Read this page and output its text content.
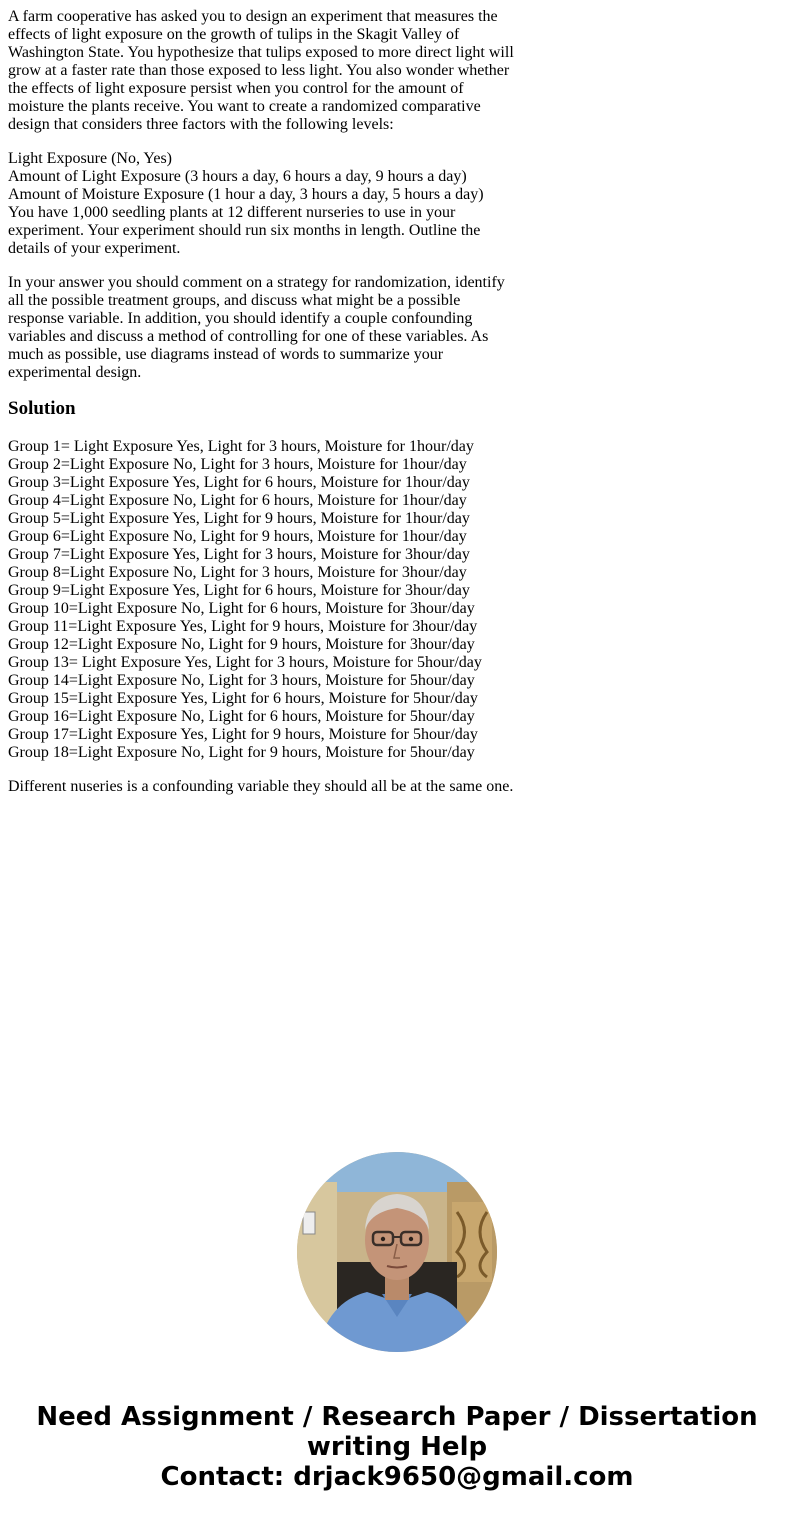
A farm cooperative has asked you to design an experiment that measures the
effects of light exposure on the growth of tulips in the Skagit Valley of
Washington State. You hypothesize that tulips exposed to more direct light will
grow at a faster rate than those exposed to less light. You also wonder whether
the effects of light exposure persist when you control for the amount of
moisture the plants receive. You want to create a randomized comparative
design that considers three factors with the following levels:

Light Exposure (No, Yes)
Amount of Light Exposure (3 hours a day, 6 hours a day, 9 hours a day)
Amount of Moisture Exposure (1 hour a day, 3 hours a day, 5 hours a day)
You have 1,000 seedling plants at 12 different nurseries to use in your
experiment. Your experiment should run six months in length. Outline the
details of your experiment.

In your answer you should comment on a strategy for randomization, identify
all the possible treatment groups, and discuss what might be a possible
response variable. In addition, you should identify a couple confounding
variables and discuss a method of controlling for one of these variables. As
much as possible, use diagrams instead of words to summarize your
experimental design.

Solution

Group 1= Light Exposure Yes, Light for 3 hours, Moisture for 1hour/day
Group 2=Light Exposure No, Light for 3 hours, Moisture for 1hour/day
Group 3=Light Exposure Yes, Light for 6 hours, Moisture for 1hour/day
Group 4=Light Exposure No, Light for 6 hours, Moisture for 1hour/day
Group 5=Light Exposure Yes, Light for 9 hours, Moisture for 1hour/day
Group 6=Light Exposure No, Light for 9 hours, Moisture for 1hour/day
Group 7=Light Exposure Yes, Light for 3 hours, Moisture for 3hour/day
Group 8=Light Exposure No, Light for 3 hours, Moisture for 3hour/day
Group 9=Light Exposure Yes, Light for 6 hours, Moisture for 3hour/day
Group 10=Light Exposure No, Light for 6 hours, Moisture for 3hour/day
Group 11=Light Exposure Yes, Light for 9 hours, Moisture for 3hour/day
Group 12=Light Exposure No, Light for 9 hours, Moisture for 3hour/day
Group 13= Light Exposure Yes, Light for 3 hours, Moisture for 5hour/day
Group 14=Light Exposure No, Light for 3 hours, Moisture for 5hour/day
Group 15=Light Exposure Yes, Light for 6 hours, Moisture for 5hour/day
Group 16=Light Exposure No, Light for 6 hours, Moisture for 5hour/day
Group 17=Light Exposure Yes, Light for 9 hours, Moisture for 5hour/day
Group 18=Light Exposure No, Light for 9 hours, Moisture for 5hour/day

Different nuseries is a confounding variable they should all be at the same one.

Need Assignment / Research Paper / Dissertation
writing Help
Contact: drjack9650@gmail.com
